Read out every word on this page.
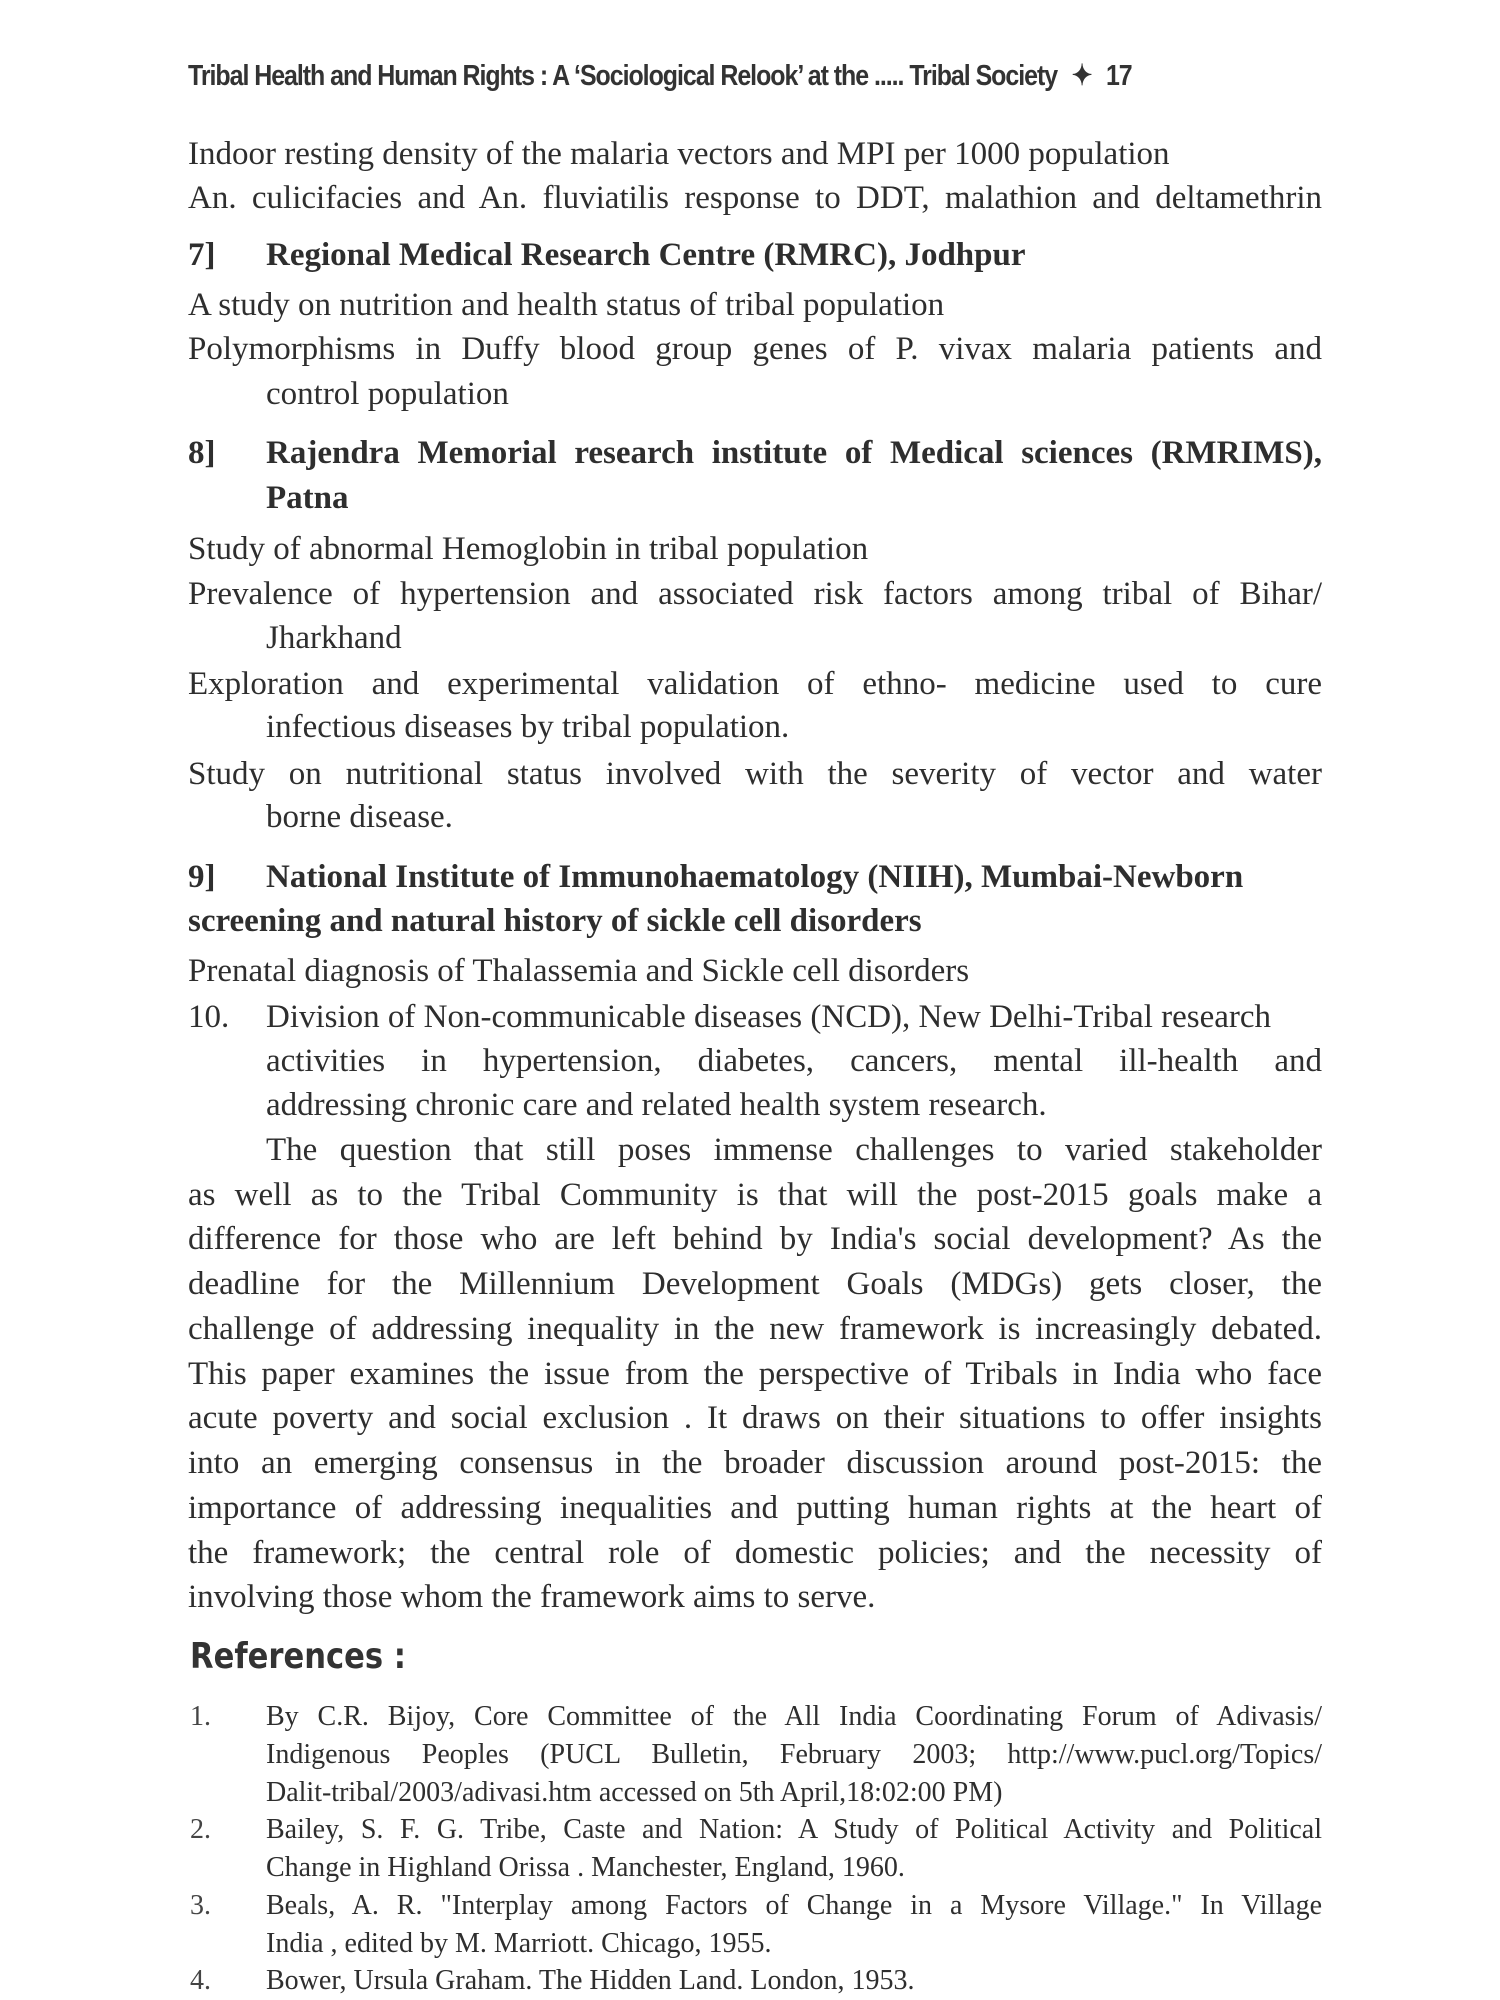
Tribal Health and Human Rights : A ‘Sociological Relook’ at the ..... Tribal Society ✦ 17
Indoor resting density of the malaria vectors and MPI per 1000 population
An. culicifacies and An. fluviatilis response to DDT, malathion and deltamethrin
7] Regional Medical Research Centre (RMRC), Jodhpur
A study on nutrition and health status of tribal population
Polymorphisms in Duffy blood group genes of P. vivax malaria patients and
control population
8] Rajendra Memorial research institute of Medical sciences (RMRIMS),
Patna
Study of abnormal Hemoglobin in tribal population
Prevalence of hypertension and associated risk factors among tribal of Bihar/
Jharkhand
Exploration and experimental validation of ethno- medicine used to cure
infectious diseases by tribal population.
Study on nutritional status involved with the severity of vector and water
borne disease.
9] National Institute of Immunohaematology (NIIH), Mumbai-Newborn
screening and natural history of sickle cell disorders
Prenatal diagnosis of Thalassemia and Sickle cell disorders
10. Division of Non-communicable diseases (NCD), New Delhi-Tribal research
activities in hypertension, diabetes, cancers, mental ill-health and
addressing chronic care and related health system research.
The question that still poses immense challenges to varied stakeholder
as well as to the Tribal Community is that will the post-2015 goals make a
difference for those who are left behind by India's social development? As the
deadline for the Millennium Development Goals (MDGs) gets closer, the
challenge of addressing inequality in the new framework is increasingly debated.
This paper examines the issue from the perspective of Tribals in India who face
acute poverty and social exclusion . It draws on their situations to offer insights
into an emerging consensus in the broader discussion around post-2015: the
importance of addressing inequalities and putting human rights at the heart of
the framework; the central role of domestic policies; and the necessity of
involving those whom the framework aims to serve.
References :
1. By C.R. Bijoy, Core Committee of the All India Coordinating Forum of Adivasis/
Indigenous Peoples (PUCL Bulletin, February 2003; http://www.pucl.org/Topics/
Dalit-tribal/2003/adivasi.htm accessed on 5th April,18:02:00 PM)
2. Bailey, S. F. G. Tribe, Caste and Nation: A Study of Political Activity and Political
Change in Highland Orissa . Manchester, England, 1960.
3. Beals, A. R. "Interplay among Factors of Change in a Mysore Village." In Village
India , edited by M. Marriott. Chicago, 1955.
4. Bower, Ursula Graham. The Hidden Land. London, 1953.
